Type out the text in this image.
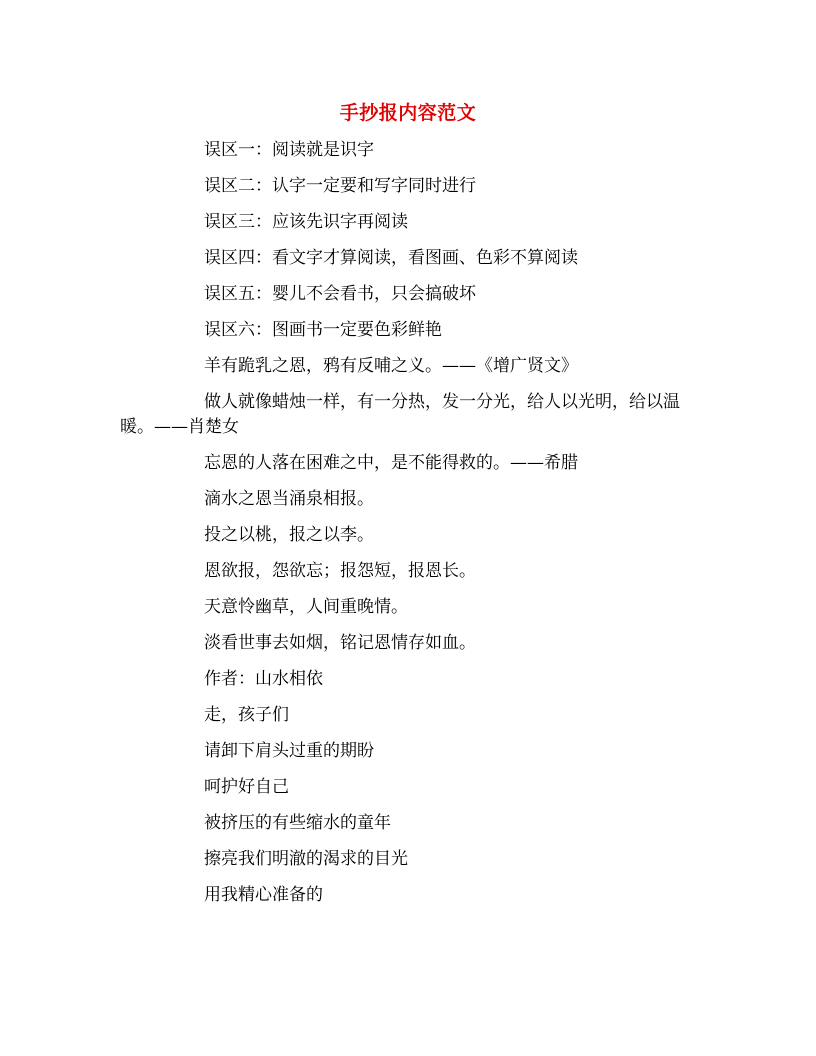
手抄报内容范文

误区一：阅读就是识字

误区二：认字一定要和写字同时进行

误区三：应该先识字再阅读

误区四：看文字才算阅读，看图画、色彩不算阅读

误区五：婴儿不会看书，只会搞破坏

误区六：图画书一定要色彩鲜艳

羊有跪乳之恩，鸦有反哺之义。——《增广贤文》

做人就像蜡烛一样，有一分热，发一分光，给人以光明，给以温暖。——肖楚女

忘恩的人落在困难之中，是不能得救的。——希腊

滴水之恩当涌泉相报。

投之以桃，报之以李。

恩欲报，怨欲忘；报怨短，报恩长。

天意怜幽草，人间重晚情。

淡看世事去如烟，铭记恩情存如血。

作者：山水相依

走，孩子们

请卸下肩头过重的期盼

呵护好自己

被挤压的有些缩水的童年

擦亮我们明澈的渴求的目光

用我精心准备的
